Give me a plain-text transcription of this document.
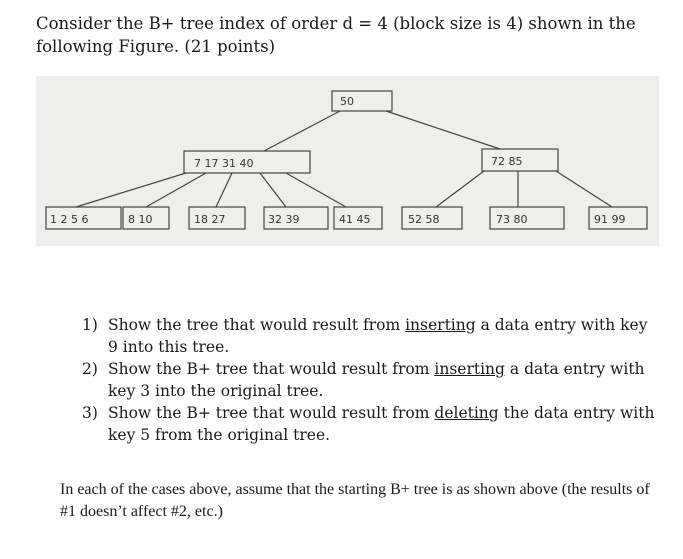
Consider the B+ tree index of order d = 4 (block size is 4) shown in the following Figure. (21 points)
50
7 17 31 40	72 85
1 2 5 6	8 10	18 27	32 39	41 45	52 58	73 80	91 99
1) Show the tree that would result from inserting a data entry with key 9 into this tree.
2) Show the B+ tree that would result from inserting a data entry with key 3 into the original tree.
3) Show the B+ tree that would result from deleting the data entry with key 5 from the original tree.
In each of the cases above, assume that the starting B+ tree is as shown above (the results of #1 doesn’t affect #2, etc.)
